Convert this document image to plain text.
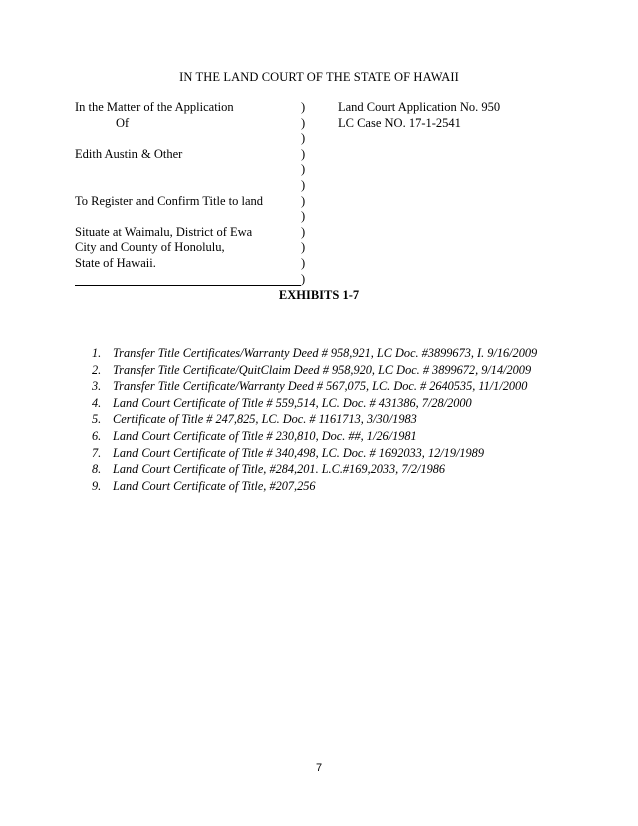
IN THE LAND COURT OF THE STATE OF HAWAII
In the Matter of the Application	)	Land Court Application No. 950
Of	)	LC Case NO. 17-1-2541
)
Edith Austin & Other	)
)
)
To Register and Confirm Title to land	)
)
Situate at Waimalu, District of Ewa	)
City and County of Honolulu,	)
State of Hawaii.	)
)
EXHIBITS 1-7
1. Transfer Title Certificates/Warranty Deed # 958,921, LC Doc. #3899673, I. 9/16/2009
2. Transfer Title Certificate/QuitClaim Deed # 958,920, LC Doc. # 3899672, 9/14/2009
3. Transfer Title Certificate/Warranty Deed # 567,075, LC. Doc. # 2640535, 11/1/2000
4. Land Court Certificate of Title # 559,514, LC. Doc. # 431386, 7/28/2000
5. Certificate of Title # 247,825, LC. Doc. # 1161713, 3/30/1983
6. Land Court Certificate of Title # 230,810, Doc. ##, 1/26/1981
7. Land Court Certificate of Title # 340,498, LC. Doc. # 1692033, 12/19/1989
8. Land Court Certificate of Title, #284,201. L.C.#169,2033, 7/2/1986
9. Land Court Certificate of Title, #207,256
7
